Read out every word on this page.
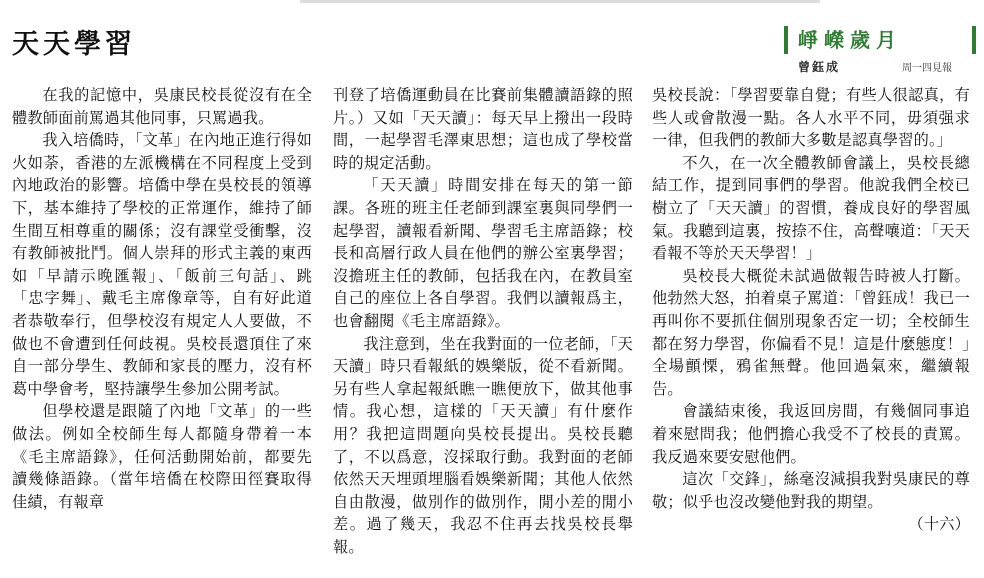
天天學習	崢嶸歲月
曾鈺成	周一四見報

在我的記憶中，吳康民校長從沒有在全體教師面前罵過其他同事，只罵過我。

我入培僑時，「文革」在內地正進行得如火如荼，香港的左派機構在不同程度上受到內地政治的影響。培僑中學在吳校長的領導下，基本維持了學校的正常運作，維持了師生間互相尊重的關係；沒有課堂受衝擊，沒有教師被批鬥。個人崇拜的形式主義的東西如「早請示晚匯報」、「飯前三句話」、跳「忠字舞」、戴毛主席像章等，自有好此道者恭敬奉行，但學校沒有規定人人要做，不做也不會遭到任何歧視。吳校長還頂住了來自一部分學生、教師和家長的壓力，沒有杯葛中學會考，堅持讓學生參加公開考試。

但學校還是跟隨了內地「文革」的一些做法。例如全校師生每人都隨身帶着一本《毛主席語錄》，任何活動開始前，都要先讀幾條語錄。（當年培僑在校際田徑賽取得佳績，有報章

刊登了培僑運動員在比賽前集體讀語錄的照片。）又如「天天讀」：每天早上撥出一段時間，一起學習毛澤東思想；這也成了學校當時的規定活動。

「天天讀」時間安排在每天的第一節課。各班的班主任老師到課室裏與同學們一起學習，讀報看新聞、學習毛主席語錄；校長和高層行政人員在他們的辦公室裏學習；沒擔班主任的教師，包括我在內，在教員室自己的座位上各自學習。我們以讀報爲主，也會翻閱《毛主席語錄》。

我注意到，坐在我對面的一位老師，「天天讀」時只看報紙的娛樂版，從不看新聞。另有些人拿起報紙瞧一瞧便放下，做其他事情。我心想，這樣的「天天讀」有什麼作用？我把這問題向吳校長提出。吳校長聽了，不以爲意，沒採取行動。我對面的老師依然天天埋頭埋腦看娛樂新聞；其他人依然自由散漫，做別作的做別作，閒小差的閒小差。過了幾天，我忍不住再去找吳校長舉報。

吳校長說：「學習要靠自覺；有些人很認真，有些人或會散漫一點。各人水平不同，毋須强求一律，但我們的教師大多數是認真學習的。」

不久，在一次全體教師會議上，吳校長總結工作，提到同事們的學習。他說我們全校已樹立了「天天讀」的習慣，養成良好的學習風氣。我聽到這裏，按捺不住，高聲嚷道：「天天看報不等於天天學習！」

吳校長大概從未試過做報告時被人打斷。他勃然大怒，拍着桌子罵道：「曾鈺成！我已一再叫你不要抓住個別現象否定一切；全校師生都在努力學習，你偏看不見！這是什麼態度！」全場顫慄，鴉雀無聲。他回過氣來，繼續報告。

會議結束後，我返回房間，有幾個同事追着來慰問我；他們擔心我受不了校長的責罵。我反過來要安慰他們。

這次「交鋒」，絲毫沒減損我對吳康民的尊敬；似乎也沒改變他對我的期望。

（十六）
